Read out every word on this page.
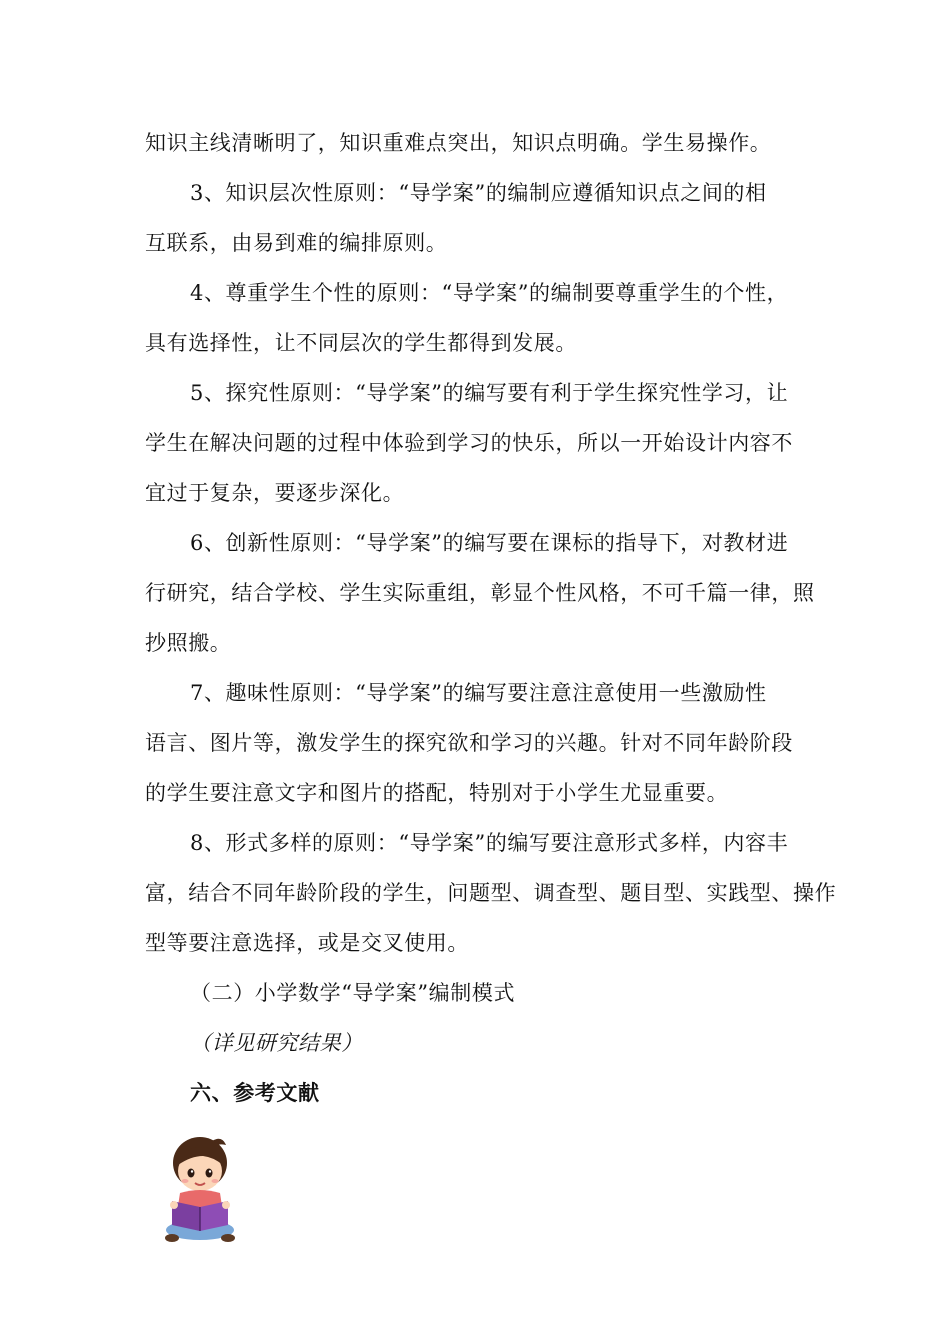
知识主线清晰明了，知识重难点突出，知识点明确。学生易操作。
3、知识层次性原则：“导学案”的编制应遵循知识点之间的相
互联系，由易到难的编排原则。
4、尊重学生个性的原则：“导学案”的编制要尊重学生的个性，
具有选择性，让不同层次的学生都得到发展。
5、探究性原则：“导学案”的编写要有利于学生探究性学习，让
学生在解决问题的过程中体验到学习的快乐，所以一开始设计内容不
宜过于复杂，要逐步深化。
6、创新性原则：“导学案”的编写要在课标的指导下，对教材进
行研究，结合学校、学生实际重组，彰显个性风格，不可千篇一律，照
抄照搬。
7、趣味性原则：“导学案”的编写要注意注意使用一些激励性
语言、图片等，激发学生的探究欲和学习的兴趣。针对不同年龄阶段
的学生要注意文字和图片的搭配，特别对于小学生尤显重要。
8、形式多样的原则：“导学案”的编写要注意形式多样，内容丰
富，结合不同年龄阶段的学生，问题型、调查型、题目型、实践型、操作
型等要注意选择，或是交叉使用。
（二）小学数学“导学案”编制模式
（详见研究结果）
六、参考文献
